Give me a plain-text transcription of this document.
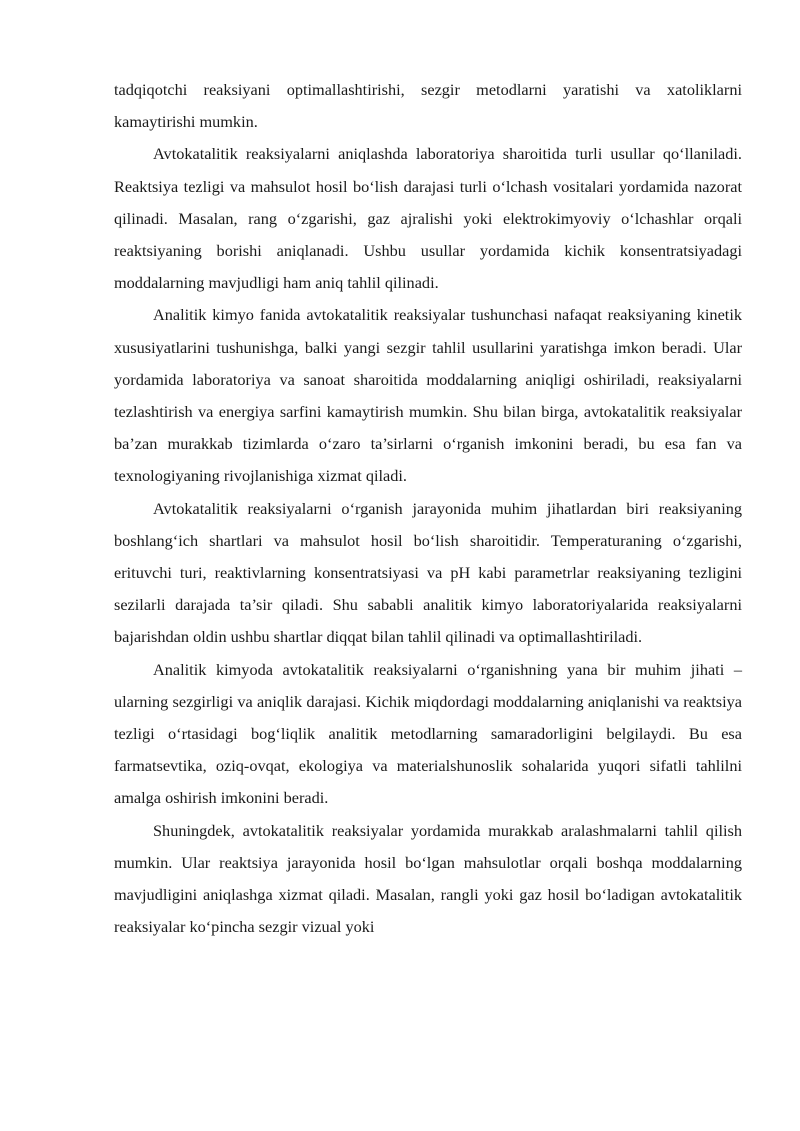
tadqiqotchi reaksiyani optimallashtirishi, sezgir metodlarni yaratishi va xatoliklarni kamaytirishi mumkin.

Avtokatalitik reaksiyalarni aniqlashda laboratoriya sharoitida turli usullar qo‘llaniladi. Reaktsiya tezligi va mahsulot hosil bo‘lish darajasi turli o‘lchash vositalari yordamida nazorat qilinadi. Masalan, rang o‘zgarishi, gaz ajralishi yoki elektrokimyoviy o‘lchashlar orqali reaktsiyaning borishi aniqlanadi. Ushbu usullar yordamida kichik konsentratsiyadagi moddalarning mavjudligi ham aniq tahlil qilinadi.

Analitik kimyo fanida avtokatalitik reaksiyalar tushunchasi nafaqat reaksiyaning kinetik xususiyatlarini tushunishga, balki yangi sezgir tahlil usullarini yaratishga imkon beradi. Ular yordamida laboratoriya va sanoat sharoitida moddalarning aniqligi oshiriladi, reaksiyalarni tezlashtirish va energiya sarfini kamaytirish mumkin. Shu bilan birga, avtokatalitik reaksiyalar ba’zan murakkab tizimlarda o‘zaro ta’sirlarni o‘rganish imkonini beradi, bu esa fan va texnologiyaning rivojlanishiga xizmat qiladi.

Avtokatalitik reaksiyalarni o‘rganish jarayonida muhim jihatlardan biri reaksiyaning boshlang‘ich shartlari va mahsulot hosil bo‘lish sharoitidir. Temperaturaning o‘zgarishi, erituvchi turi, reaktivlarning konsentratsiyasi va pH kabi parametrlar reaksiyaning tezligini sezilarli darajada ta’sir qiladi. Shu sababli analitik kimyo laboratoriyalarida reaksiyalarni bajarishdan oldin ushbu shartlar diqqat bilan tahlil qilinadi va optimallashtiriladi.

Analitik kimyoda avtokatalitik reaksiyalarni o‘rganishning yana bir muhim jihati – ularning sezgirligi va aniqlik darajasi. Kichik miqdordagi moddalarning aniqlanishi va reaktsiya tezligi o‘rtasidagi bog‘liqlik analitik metodlarning samaradorligini belgilaydi. Bu esa farmatsevtika, oziq-ovqat, ekologiya va materialshunoslik sohalarida yuqori sifatli tahlilni amalga oshirish imkonini beradi.

Shuningdek, avtokatalitik reaksiyalar yordamida murakkab aralashmalarni tahlil qilish mumkin. Ular reaktsiya jarayonida hosil bo‘lgan mahsulotlar orqali boshqa moddalarning mavjudligini aniqlashga xizmat qiladi. Masalan, rangli yoki gaz hosil bo‘ladigan avtokatalitik reaksiyalar ko‘pincha sezgir vizual yoki
